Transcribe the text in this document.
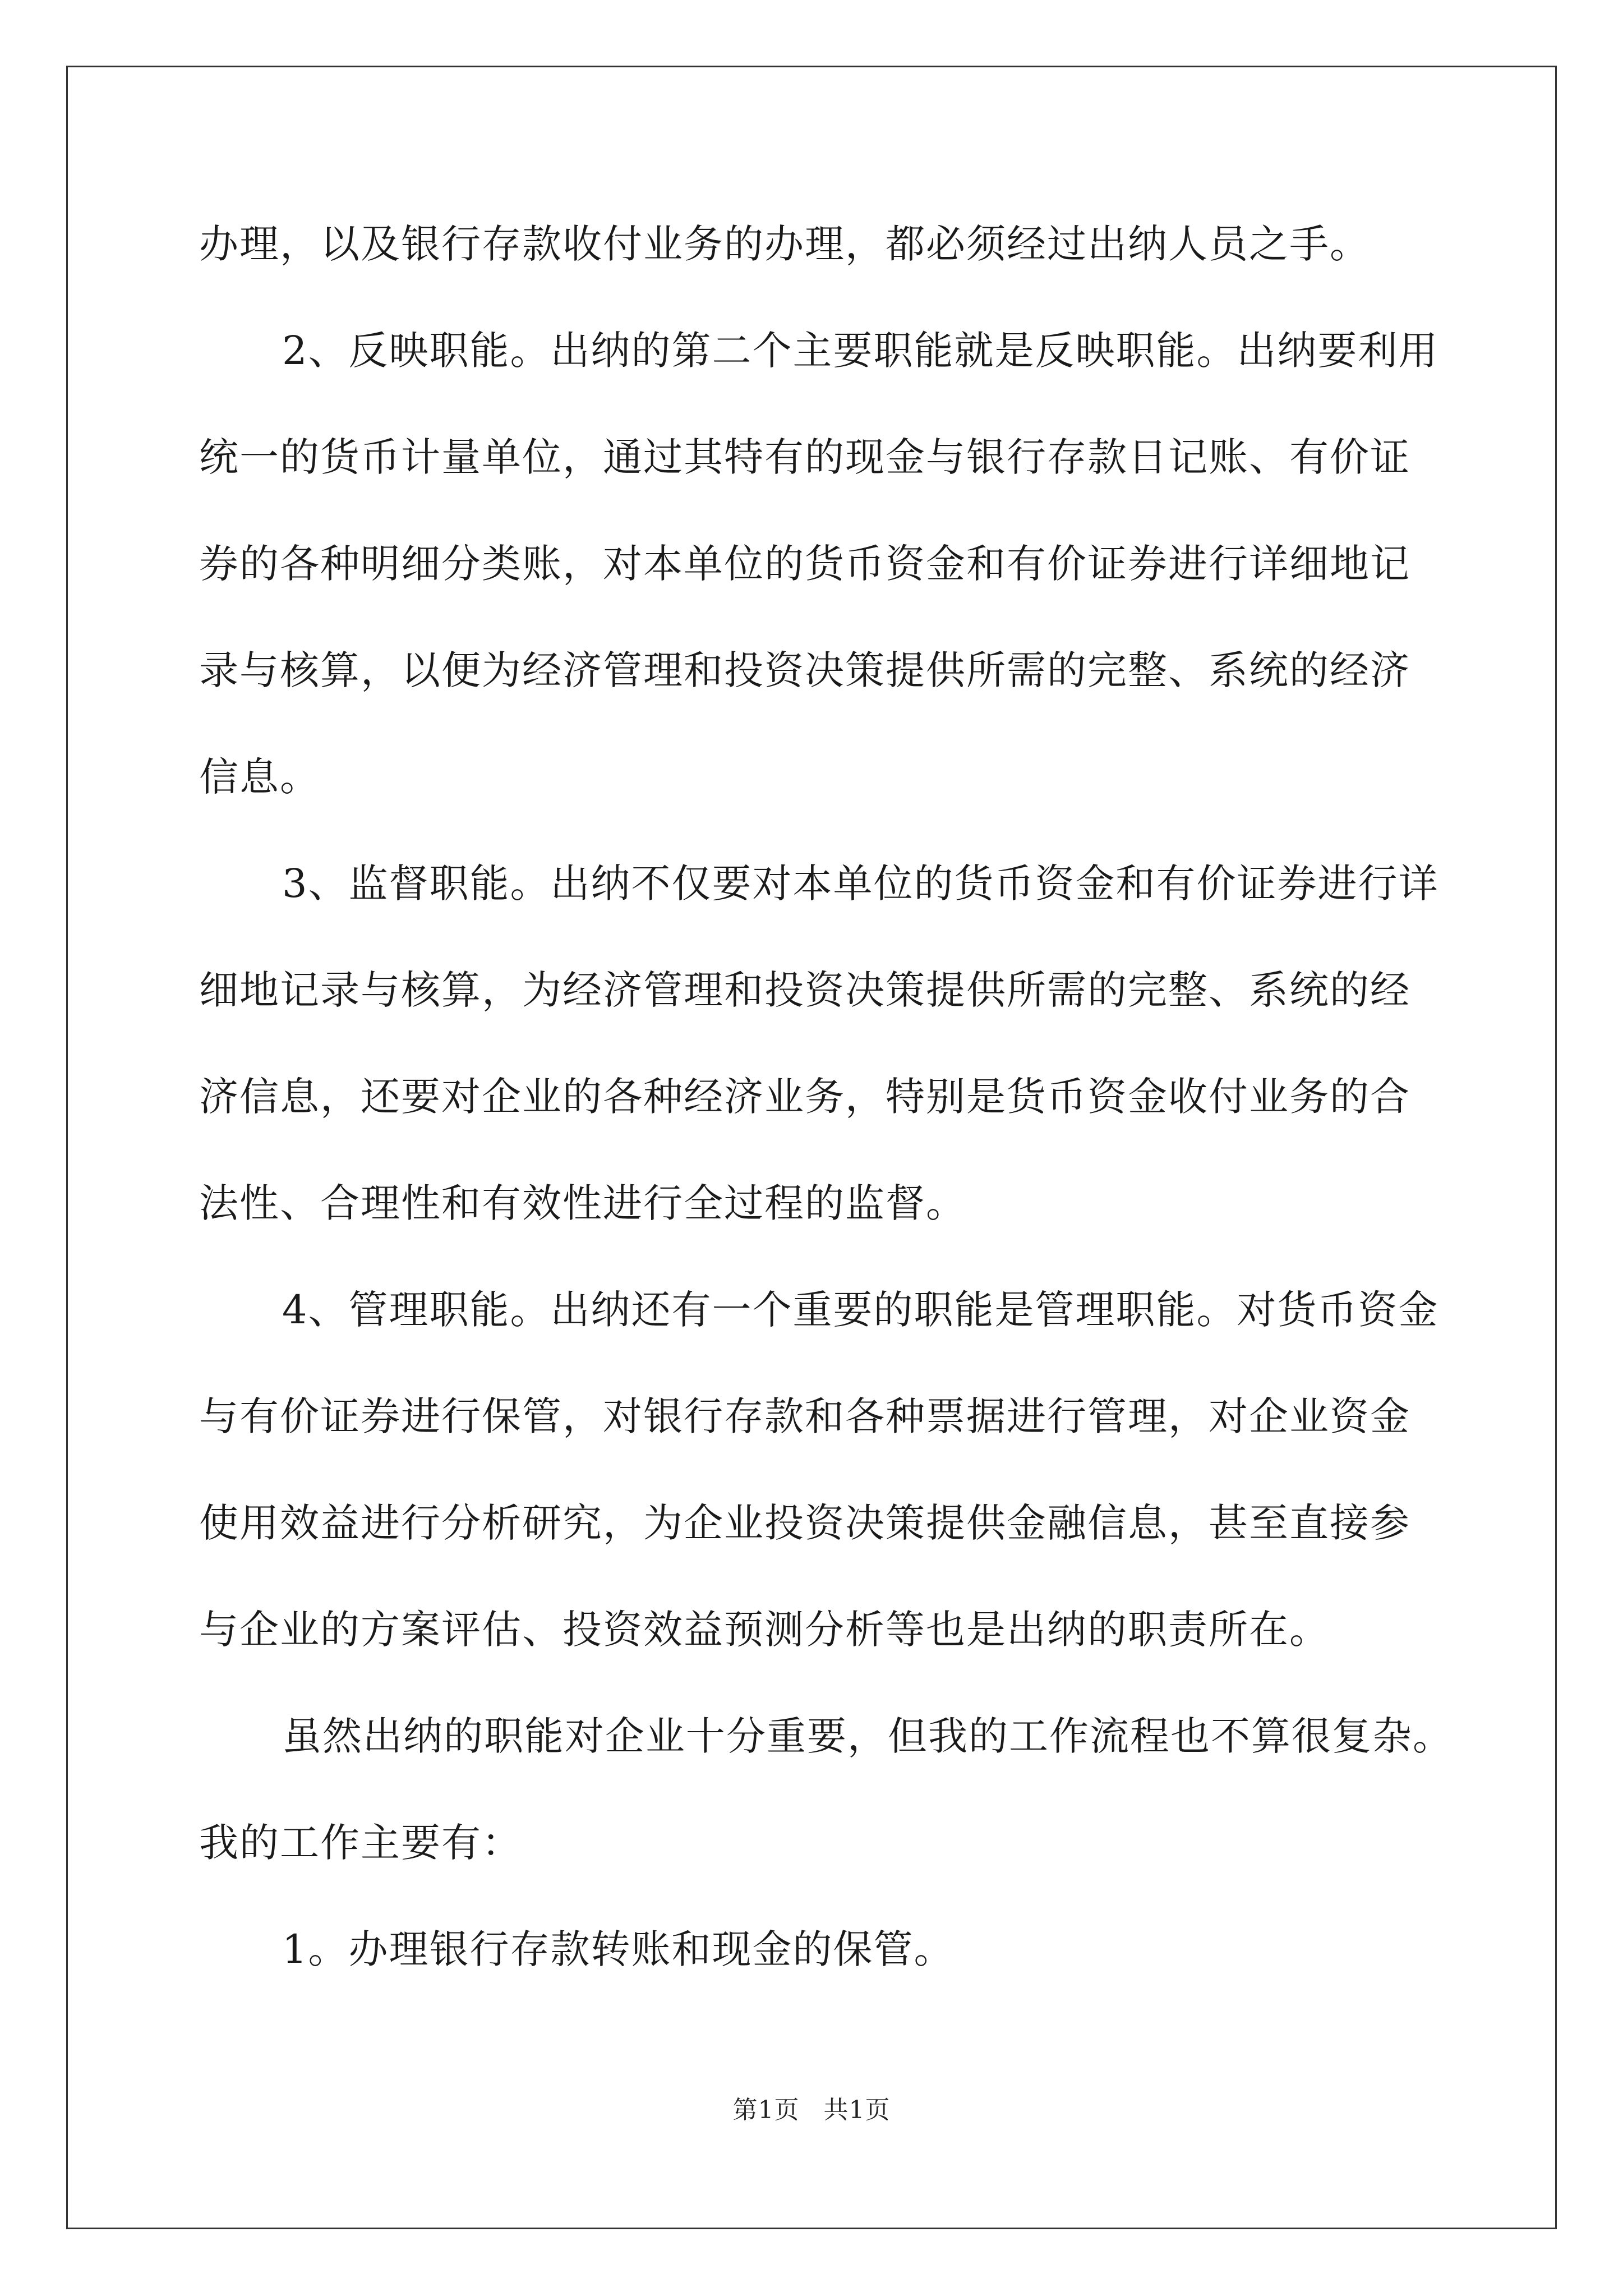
办理，以及银行存款收付业务的办理，都必须经过出纳人员之手。

2、反映职能。出纳的第二个主要职能就是反映职能。出纳要利用

统一的货币计量单位，通过其特有的现金与银行存款日记账、有价证

券的各种明细分类账，对本单位的货币资金和有价证券进行详细地记

录与核算，以便为经济管理和投资决策提供所需的完整、系统的经济

信息。

3、监督职能。出纳不仅要对本单位的货币资金和有价证券进行详

细地记录与核算，为经济管理和投资决策提供所需的完整、系统的经

济信息，还要对企业的各种经济业务，特别是货币资金收付业务的合

法性、合理性和有效性进行全过程的监督。

4、管理职能。出纳还有一个重要的职能是管理职能。对货币资金

与有价证券进行保管，对银行存款和各种票据进行管理，对企业资金

使用效益进行分析研究，为企业投资决策提供金融信息，甚至直接参

与企业的方案评估、投资效益预测分析等也是出纳的职责所在。

虽然出纳的职能对企业十分重要，但我的工作流程也不算很复杂。

我的工作主要有：

1。办理银行存款转账和现金的保管。

第1页 共1页
